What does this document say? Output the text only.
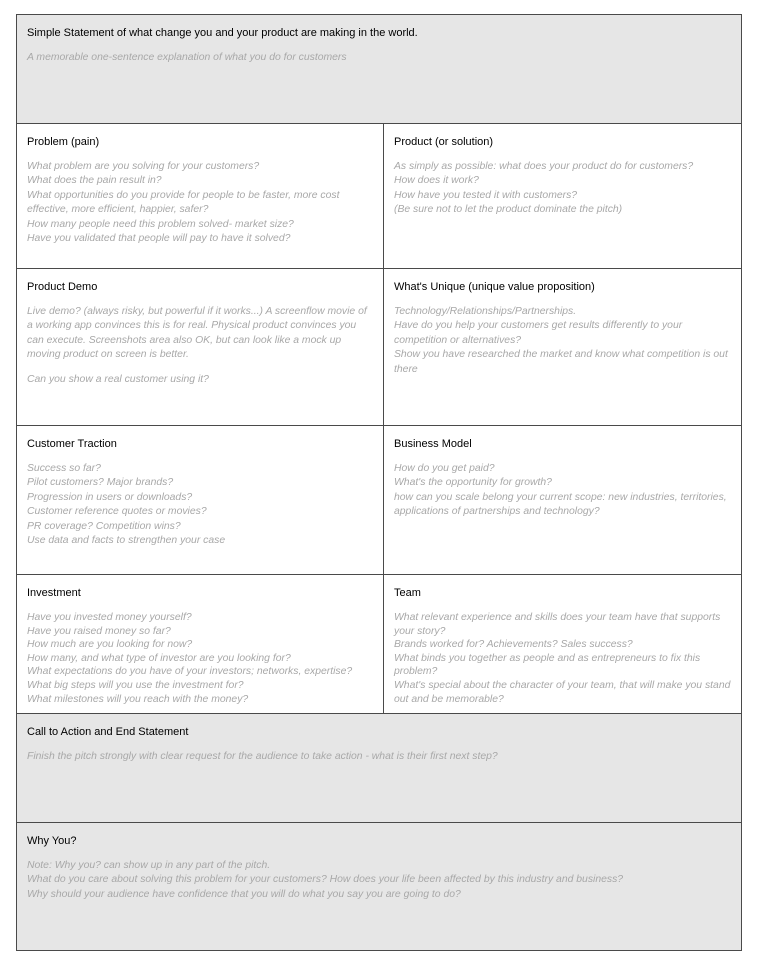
Simple Statement of what change you and your product are making in the world.
A memorable one-sentence explanation of what you do for customers
Problem (pain)
What problem are you solving for your customers?
What does the pain result in?
What opportunities do you provide for people to be faster, more cost effective, more efficient, happier, safer?
How many people need this problem solved- market size?
Have you validated that people will pay to have it solved?
Product (or solution)
As simply as possible: what does your product do for customers?
How does it work?
How have you tested it with customers?
(Be sure not to let the product dominate the pitch)
Product Demo
Live demo? (always risky, but powerful if it works...) A screenflow movie of a working app convinces this is for real. Physical product convinces you can execute. Screenshots area also OK, but can look like a mock up moving product on screen is better.
Can you show a real customer using it?
What's Unique (unique value proposition)
Technology/Relationships/Partnerships.
Have do you help your customers get results differently to your competition or alternatives?
Show you have researched the market and know what competition is out there
Customer Traction
Success so far?
Pilot customers? Major brands?
Progression in users or downloads?
Customer reference quotes or movies?
PR coverage? Competition wins?
Use data and facts to strengthen your case
Business Model
How do you get paid?
What's the opportunity for growth?
how can you scale belong your current scope: new industries, territories, applications of partnerships and technology?
Investment
Have you invested money yourself?
Have you raised money so far?
How much are you looking for now?
How many, and what type of investor are you looking for?
What expectations do you have of your investors; networks, expertise?
What big steps will you use the investment for?
What milestones will you reach with the money?
Team
What relevant experience and skills does your team have that supports your story?
Brands worked for? Achievements? Sales success?
What binds you together as people and as entrepreneurs to fix this problem?
What's special about the character of your team, that will make you stand out and be memorable?
Call to Action and End Statement
Finish the pitch strongly with clear request for the audience to take action - what is their first next step?
Why You?
Note: Why you? can show up in any part of the pitch.
What do you care about solving this problem for your customers? How does your life been affected by this industry and business?
Why should your audience have confidence that you will do what you say you are going to do?
